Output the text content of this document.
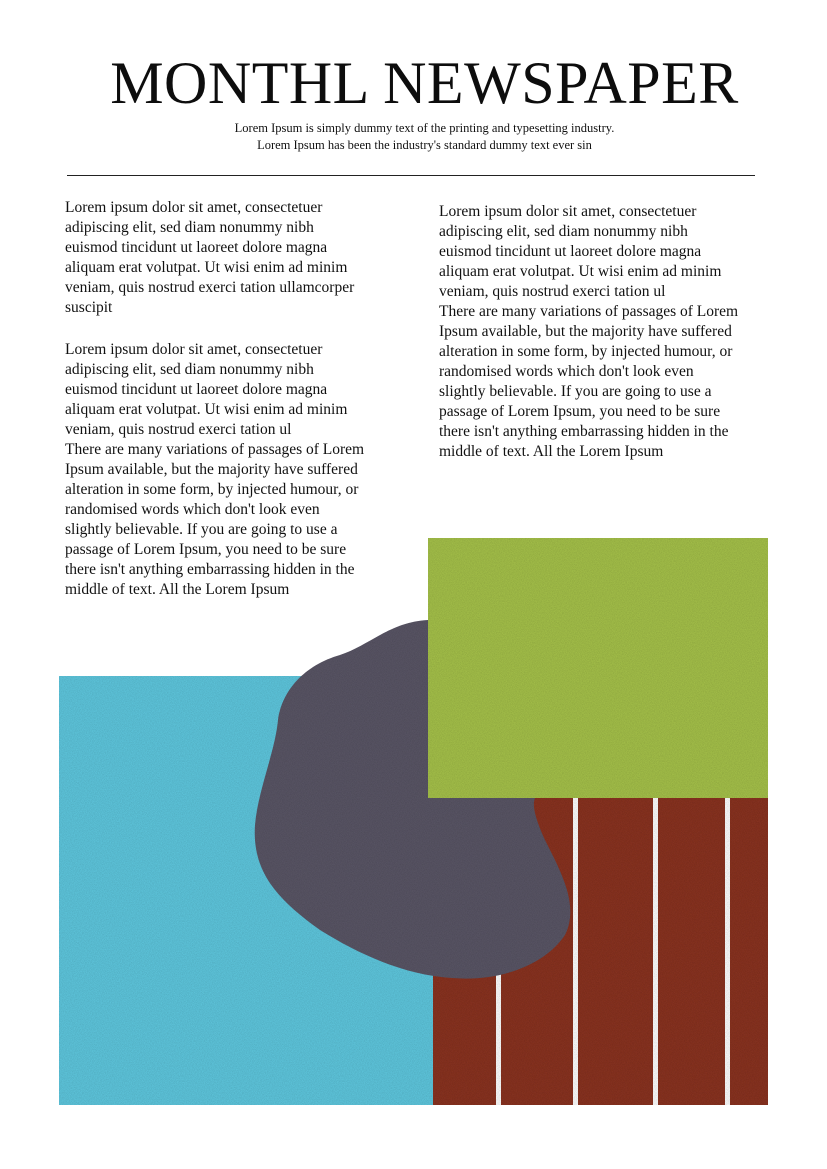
MONTHL NEWSPAPER
Lorem Ipsum is simply dummy text of the printing and typesetting industry.
Lorem Ipsum has been the industry's standard dummy text ever sin

Lorem ipsum dolor sit amet, consectetuer adipiscing elit, sed diam nonummy nibh euismod tincidunt ut laoreet dolore magna aliquam erat volutpat. Ut wisi enim ad minim veniam, quis nostrud exerci tation ullamcorper suscipit

Lorem ipsum dolor sit amet, consectetuer adipiscing elit, sed diam nonummy nibh euismod tincidunt ut laoreet dolore magna aliquam erat volutpat. Ut wisi enim ad minim veniam, quis nostrud exerci tation ul

There are many variations of passages of Lorem Ipsum available, but the majority have suffered alteration in some form, by injected humour, or randomised words which don't look even slightly believable. If you are going to use a passage of Lorem Ipsum, you need to be sure there isn't anything embarrassing hidden in the middle of text. All the Lorem Ipsum

Lorem ipsum dolor sit amet, consectetuer adipiscing elit, sed diam nonummy nibh euismod tincidunt ut laoreet dolore magna aliquam erat volutpat. Ut wisi enim ad minim veniam, quis nostrud exerci tation ul

There are many variations of passages of Lorem Ipsum available, but the majority have suffered alteration in some form, by injected humour, or randomised words which don't look even slightly believable. If you are going to use a passage of Lorem Ipsum, you need to be sure there isn't anything embarrassing hidden in the middle of text. All the Lorem Ipsum
